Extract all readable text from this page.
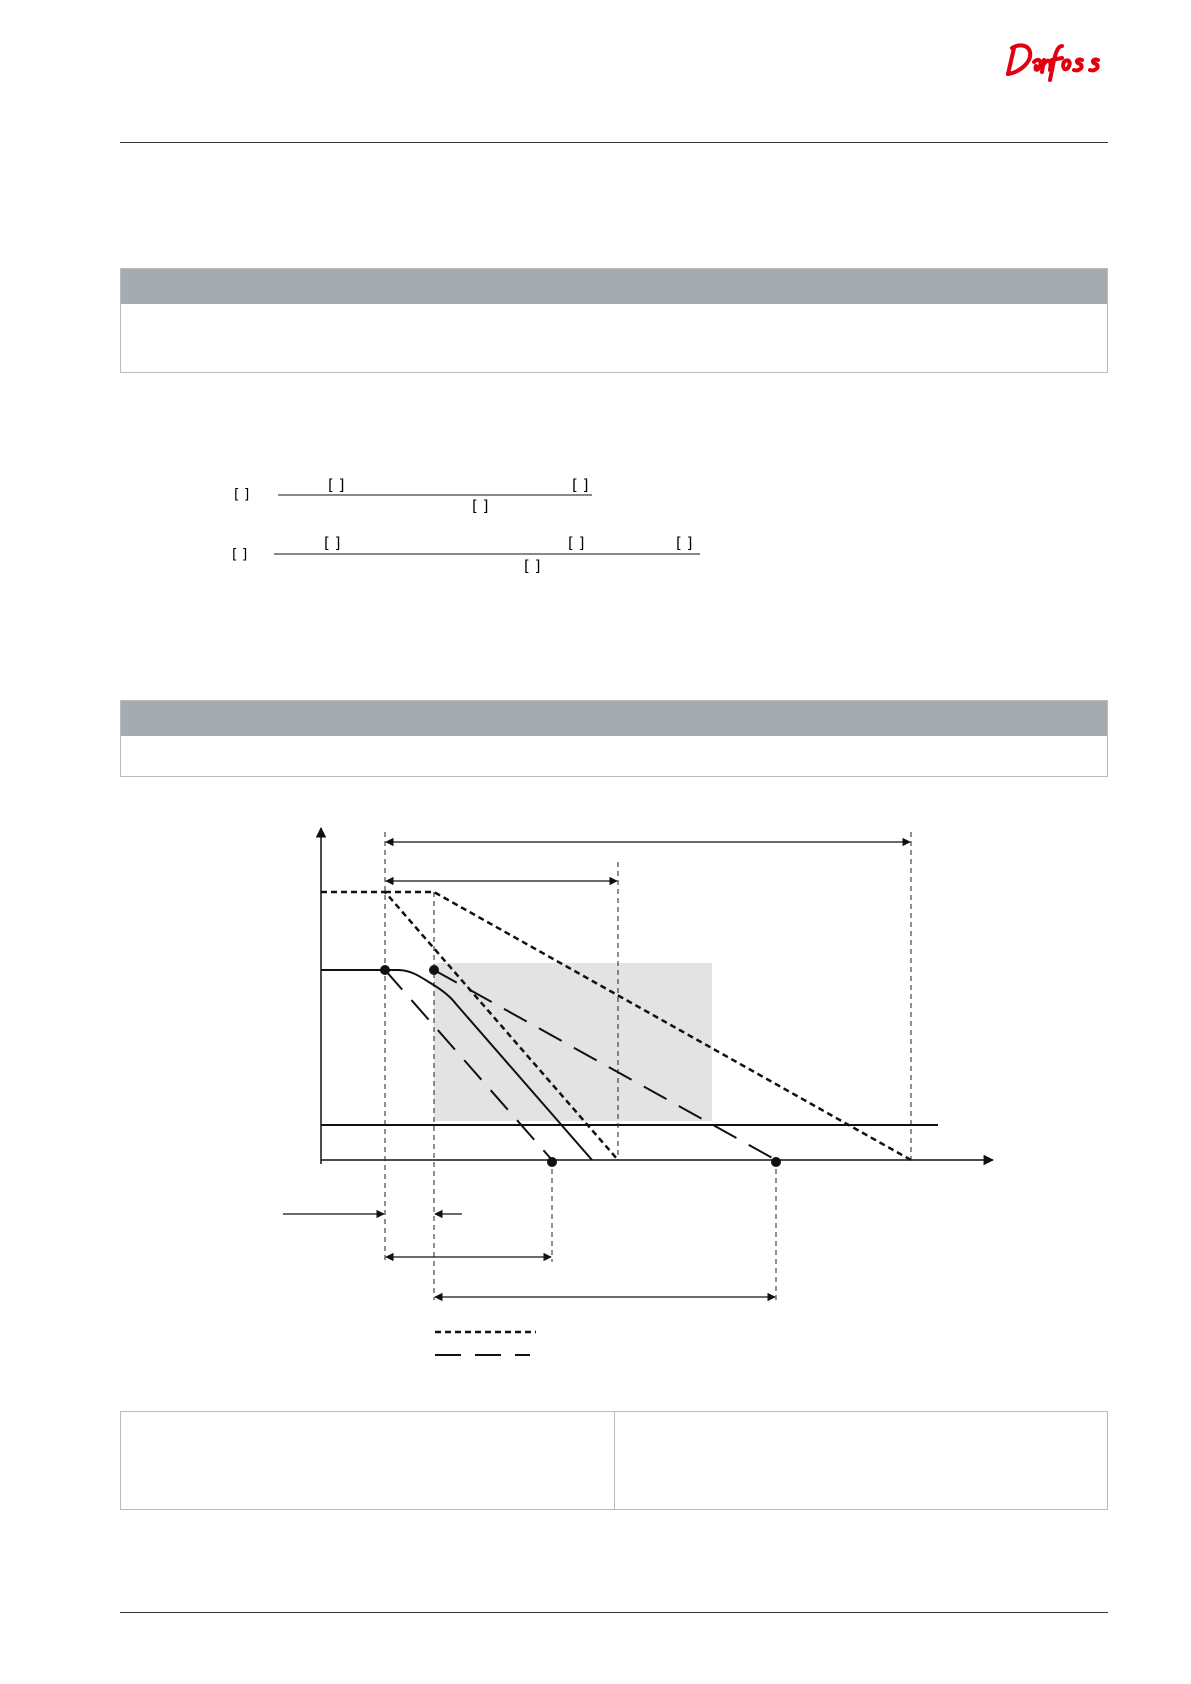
Danfoss
[ ]
[ ]	[ ]
[ ]
[ ]
[ ]	[ ]	[ ]
[ ]
